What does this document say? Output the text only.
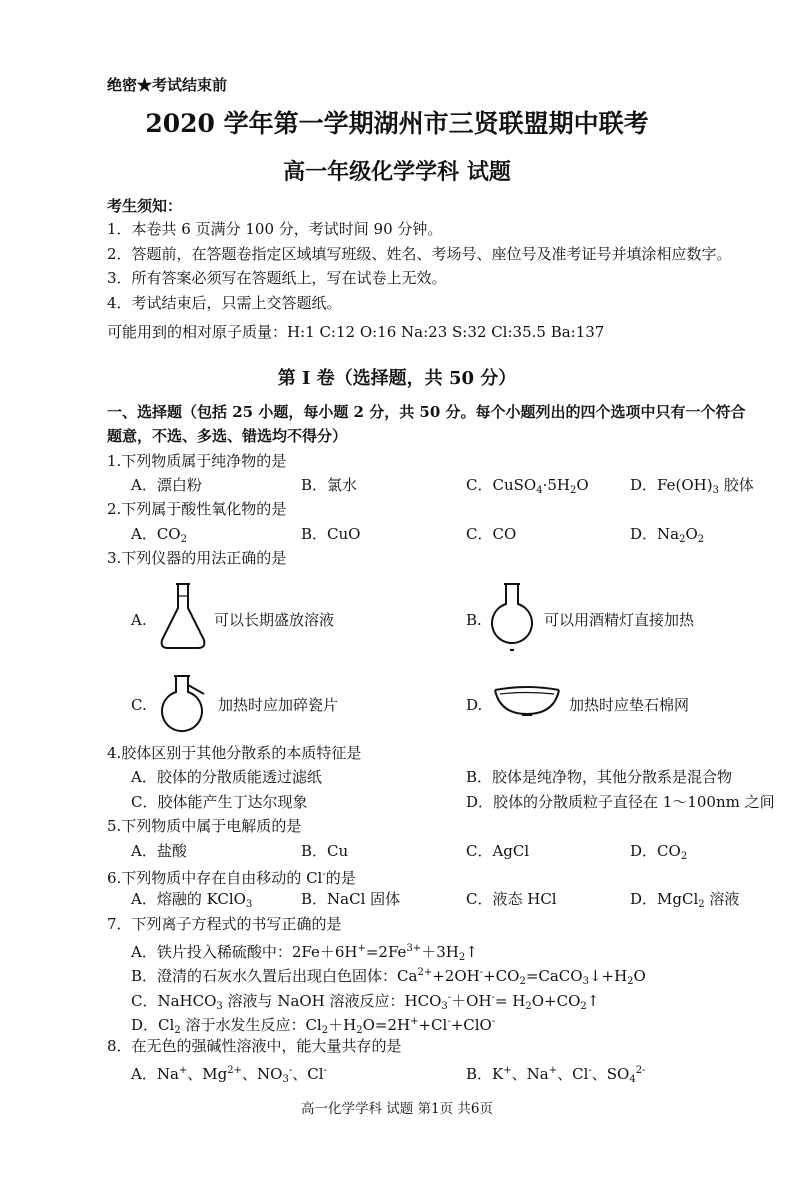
绝密★考试结束前
2020 学年第一学期湖州市三贤联盟期中联考
高一年级化学学科 试题
考生须知：
1．本卷共 6 页满分 100 分，考试时间 90 分钟。
2．答题前，在答题卷指定区域填写班级、姓名、考场号、座位号及准考证号并填涂相应数字。
3．所有答案必须写在答题纸上，写在试卷上无效。
4．考试结束后，只需上交答题纸。
可能用到的相对原子质量：H:1 C:12 O:16 Na:23 S:32 Cl:35.5 Ba:137
第 I 卷（选择题，共 50 分）
一、选择题（包括 25 小题，每小题 2 分，共 50 分。每个小题列出的四个选项中只有一个符合
题意，不选、多选、错选均不得分）
1.下列物质属于纯净物的是
A．漂白粉	B．氯水	C．$CuSO_4\cdot 5H_2O$	D．$Fe(OH)_3$ 胶体
2.下列属于酸性氧化物的是
A．$CO_2$	B．CuO	C．CO	D．$Na_2O_2$
3.下列仪器的用法正确的是
A.	可以长期盛放溶液	B.	可以用酒精灯直接加热
C.	加热时应加碎瓷片	D.	加热时应垫石棉网
4.胶体区别于其他分散系的本质特征是
A．胶体的分散质能透过滤纸	B．胶体是纯净物，其他分散系是混合物
C．胶体能产生丁达尔现象	D．胶体的分散质粒子直径在 1～100nm 之间
5.下列物质中属于电解质的是
A．盐酸	B．Cu	C．AgCl	D．$CO_2$
6.下列物质中存在自由移动的 Cl-的是
A．熔融的 KClO$_3$	B．NaCl 固体	C．液态 HCl	D．MgCl$_2$ 溶液
7．下列离子方程式的书写正确的是
A．铁片投入稀硫酸中：$2Fe+6H^+=2Fe^{3+}+3H_2↑$
B．澄清的石灰水久置后出现白色固体：$Ca^{2+}+2OH^-+CO_2=CaCO_3↓+H_2O$
C．NaHCO$_3$ 溶液与 NaOH 溶液反应：$HCO_3^-+OH^-=$ $H_2O+CO_2↑$
D．$Cl_2$ 溶于水发生反应：$Cl_2+H_2O=2H^++Cl^-+ClO^-$
8．在无色的强碱性溶液中，能大量共存的是
A．Na+、$Mg^{2+}$、$NO_3^-$、Cl-	B．K+、Na+、Cl-、$SO_4^{2-}$
高一化学学科 试题 第1页 共6页
